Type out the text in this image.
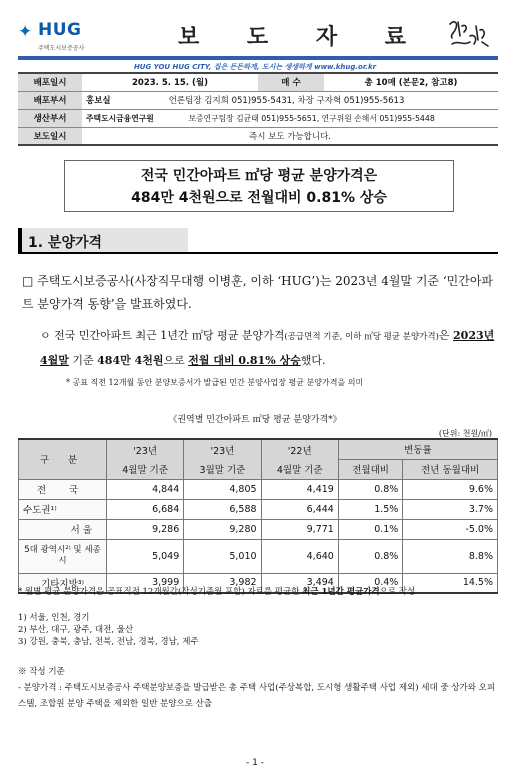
✦ HUG
주택도시보증공사	보 도 자 료
HUG YOU HUG CITY, 집은 든든하게, 도시는 생생하게 www.khug.or.kr
배포일시	2023. 5. 15. (월)	매 수	총 10매 (본문2, 참고8)
배포부서	홍보실 언론팀장 김지희 051)955-5431, 차장 구자혁 051)955-5613		
생산부서	주택도시금융연구원 보증연구팀장 김균태 051)955-5651, 연구위원 손해서 051)955-5448		
보도일시	즉시 보도 가능합니다.		
전국 민간아파트 ㎡당 평균 분양가격은
484만 4천원으로 전월대비 0.81% 상승
1. 분양가격
□ 주택도시보증공사(사장직무대행 이병훈, 이하 ‘HUG’)는 2023년 4월말 기준 ‘민간아파트 분양가격 동향’을 발표하였다.
ㅇ 전국 민간아파트 최근 1년간 ㎡당 평균 분양가격(공급면적 기준, 이하 ㎡당 평균 분양가격)은 2023년 4월말 기준 484만 4천원으로 전월 대비 0.81% 상승했다.
* 공표 직전 12개월 동안 분양보증서가 발급된 민간 분양사업장 평균 분양가격을 의미
《권역별 민간아파트 ㎡당 평균 분양가격*》
(단위: 천원/㎡)
구 분	'23년	'23년	'22년	변동률	
	4월말 기준	3월말 기준	4월말 기준	전월대비	전년 동월대비
전 국	4,844	4,805	4,419	0.8%	9.6%
수도권¹⁾	6,684	6,588	6,444	1.5%	3.7%
서 울	9,286	9,280	9,771	0.1%	-5.0%
5대 광역시²⁾ 및 세종시	5,049	5,010	4,640	0.8%	8.8%
기타지방³⁾	3,999	3,982	3,494	0.4%	14.5%
* 월별 평균 분양가격은 공표직전 12개월간(작성기준월 포함) 자료를 평균한 최근 1년간 평균가격으로 작성
1) 서울, 인천, 경기
2) 부산, 대구, 광주, 대전, 울산
3) 강원, 충북, 충남, 전북, 전남, 경북, 경남, 제주
※ 작성 기준
- 분양가격 : 주택도시보증공사 주택분양보증을 발급받은 총 주택 사업(주상복합, 도시형 생활주택 사업 제외) 세대 중 상가와 오피스텔, 조합원 분양 주택을 제외한 일반 분양으로 산출
- 1 -
